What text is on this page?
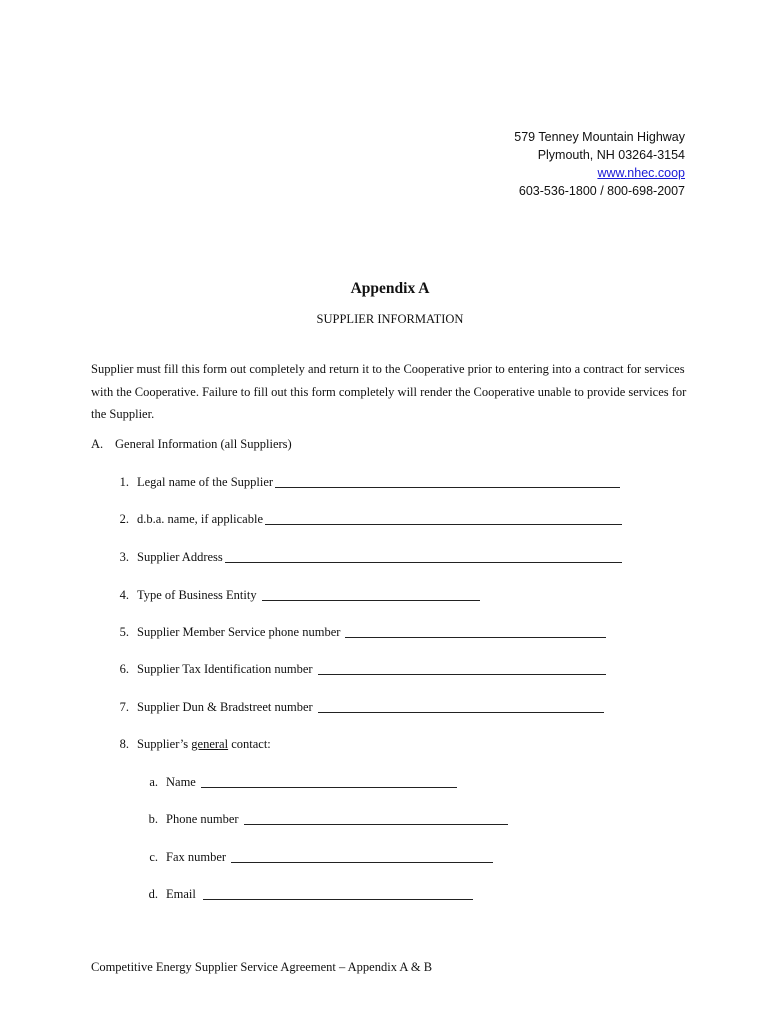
579 Tenney Mountain Highway
Plymouth, NH 03264-3154
www.nhec.coop
603-536-1800 / 800-698-2007
Appendix A
SUPPLIER INFORMATION
Supplier must fill this form out completely and return it to the Cooperative prior to entering into a contract for services with the Cooperative. Failure to fill out this form completely will render the Cooperative unable to provide services for the Supplier.
A. General Information (all Suppliers)
1. Legal name of the Supplier
2. d.b.a. name, if applicable
3. Supplier Address
4. Type of Business Entity
5. Supplier Member Service phone number
6. Supplier Tax Identification number
7. Supplier Dun & Bradstreet number
8. Supplier’s general contact:
a. Name
b. Phone number
c. Fax number
d. Email
Competitive Energy Supplier Service Agreement – Appendix A & B
